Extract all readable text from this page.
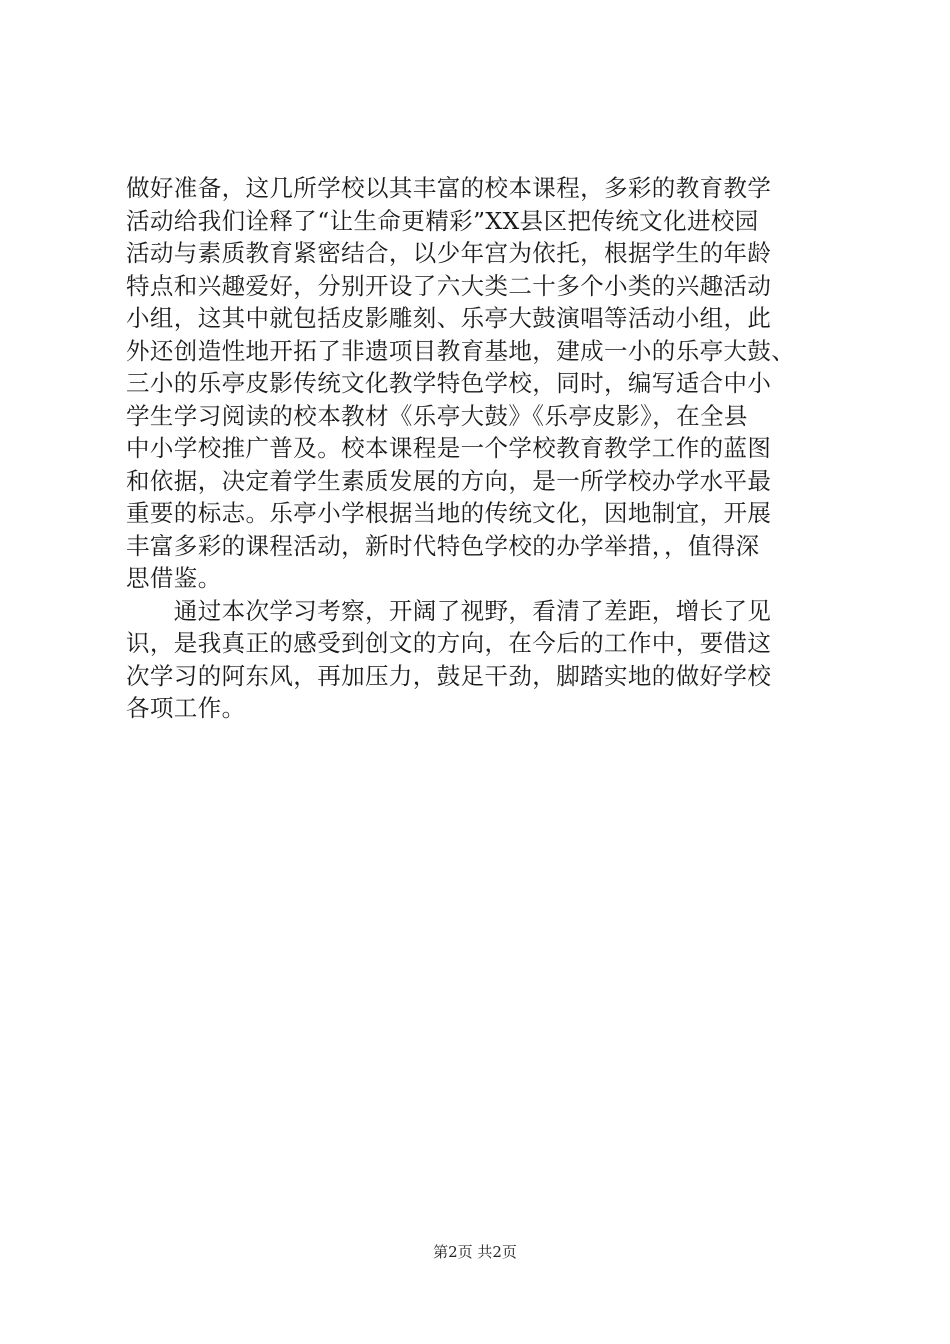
做好准备，这几所学校以其丰富的校本课程，多彩的教育教学
活动给我们诠释了“让生命更精彩”XX县区把传统文化进校园
活动与素质教育紧密结合，以少年宫为依托，根据学生的年龄
特点和兴趣爱好，分别开设了六大类二十多个小类的兴趣活动
小组，这其中就包括皮影雕刻、乐亭大鼓演唱等活动小组，此
外还创造性地开拓了非遗项目教育基地，建成一小的乐亭大鼓、
三小的乐亭皮影传统文化教学特色学校，同时，编写适合中小
学生学习阅读的校本教材《乐亭大鼓》《乐亭皮影》，在全县
中小学校推广普及。校本课程是一个学校教育教学工作的蓝图
和依据，决定着学生素质发展的方向，是一所学校办学水平最
重要的标志。乐亭小学根据当地的传统文化，因地制宜，开展
丰富多彩的课程活动，新时代特色学校的办学举措，，值得深
思借鉴。
　　通过本次学习考察，开阔了视野，看清了差距，增长了见
识，是我真正的感受到创文的方向，在今后的工作中，要借这
次学习的阿东风，再加压力，鼓足干劲，脚踏实地的做好学校
各项工作。
第2页 共2页
